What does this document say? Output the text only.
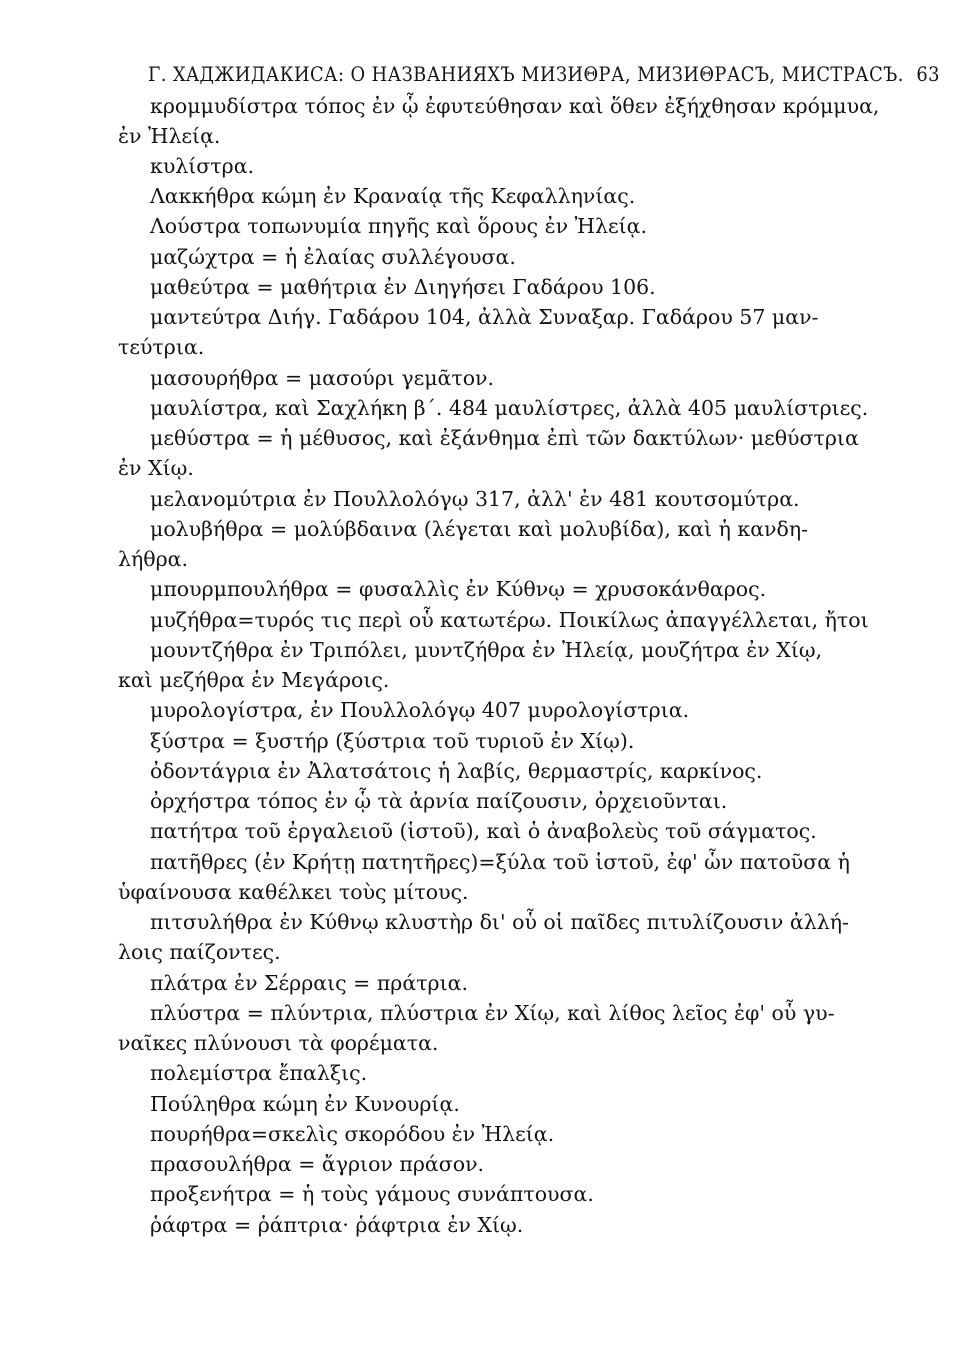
Γ. ΧΑДЖИДАКИСА: О НАЗВАНИЯХЪ МИЗИΘРА, МИЗИΘРАСЪ, МИСТРАСЪ. 63
κρομμυδίστρα τόπος ἐν ᾧ ἐφυτεύθησαν καὶ ὅθεν ἐξήχθησαν κρόμμυα,
ἐν Ἠλείᾳ.
κυλίστρα.
Λακκήθρα κώμη ἐν Κραναίᾳ τῆς Κεφαλληνίας.
Λούστρα τοπωνυμία πηγῆς καὶ ὅρους ἐν Ἠλείᾳ.
μαζώχτρα = ἡ ἐλαίας συλλέγουσα.
μαθεύτρα = μαθήτρια ἐν Διηγήσει Γαδάρου 106.
μαντεύτρα Διήγ. Γαδάρου 104, ἀλλὰ Συναξαρ. Γαδάρου 57 μαν-
τεύτρια.
μασουρήθρα = μασούρι γεμᾶτον.
μαυλίστρα, καὶ Σαχλήκη β΄. 484 μαυλίστρες, ἀλλὰ 405 μαυλίστριες.
μεθύστρα = ἡ μέθυσος, καὶ ἐξάνθημα ἐπὶ τῶν δακτύλων· μεθύστρια
ἐν Χίῳ.
μελανομύτρια ἐν Πουλλολόγῳ 317, ἀλλ' ἐν 481 κουτσομύτρα.
μολυβήθρα = μολύβδαινα (λέγεται καὶ μολυβίδα), καὶ ἡ κανδη-
λήθρα.
μπουρμπουλήθρα = φυσαλλὶς ἐν Κύθνῳ = χρυσοκάνθαρος.
μυζήθρα=τυρός τις περὶ οὗ κατωτέρω. Ποικίλως ἀπαγγέλλεται, ἤτοι
μουντζήθρα ἐν Τριπόλει, μυντζήθρα ἐν Ἠλείᾳ, μουζήτρα ἐν Χίῳ,
καὶ μεζήθρα ἐν Μεγάροις.
μυρολογίστρα, ἐν Πουλλολόγῳ 407 μυρολογίστρια.
ξύστρα = ξυστήρ (ξύστρια τοῦ τυριοῦ ἐν Χίῳ).
ὀδοντάγρια ἐν Ἀλατσάτοις ἡ λαβίς, θερμαστρίς, καρκίνος.
ὀρχήστρα τόπος ἐν ᾧ τὰ ἀρνία παίζουσιν, ὀρχειοῦνται.
πατήτρα τοῦ ἐργαλειοῦ (ἱστοῦ), καὶ ὁ ἀναβολεὺς τοῦ σάγματος.
πατῆθρες (ἐν Κρήτῃ πατητῆρες)=ξύλα τοῦ ἱστοῦ, ἐφ' ὧν πατοῦσα ἡ
ὑφαίνουσα καθέλκει τοὺς μίτους.
πιτσυλήθρα ἐν Κύθνῳ κλυστὴρ δι' οὗ οἱ παῖδες πιτυλίζουσιν ἀλλή-
λοις παίζοντες.
πλάτρα ἐν Σέρραις = πράτρια.
πλύστρα = πλύντρια, πλύστρια ἐν Χίῳ, καὶ λίθος λεῖος ἐφ' οὗ γυ-
ναῖκες πλύνουσι τὰ φορέματα.
πολεμίστρα ἔπαλξις.
Πούληθρα κώμη ἐν Κυνουρίᾳ.
πουρήθρα=σκελὶς σκορόδου ἐν Ἠλείᾳ.
πρασουλήθρα = ἄγριον πράσον.
προξενήτρα = ἡ τοὺς γάμους συνάπτουσα.
ῥάφτρα = ῥάπτρια· ῥάφτρια ἐν Χίῳ.
